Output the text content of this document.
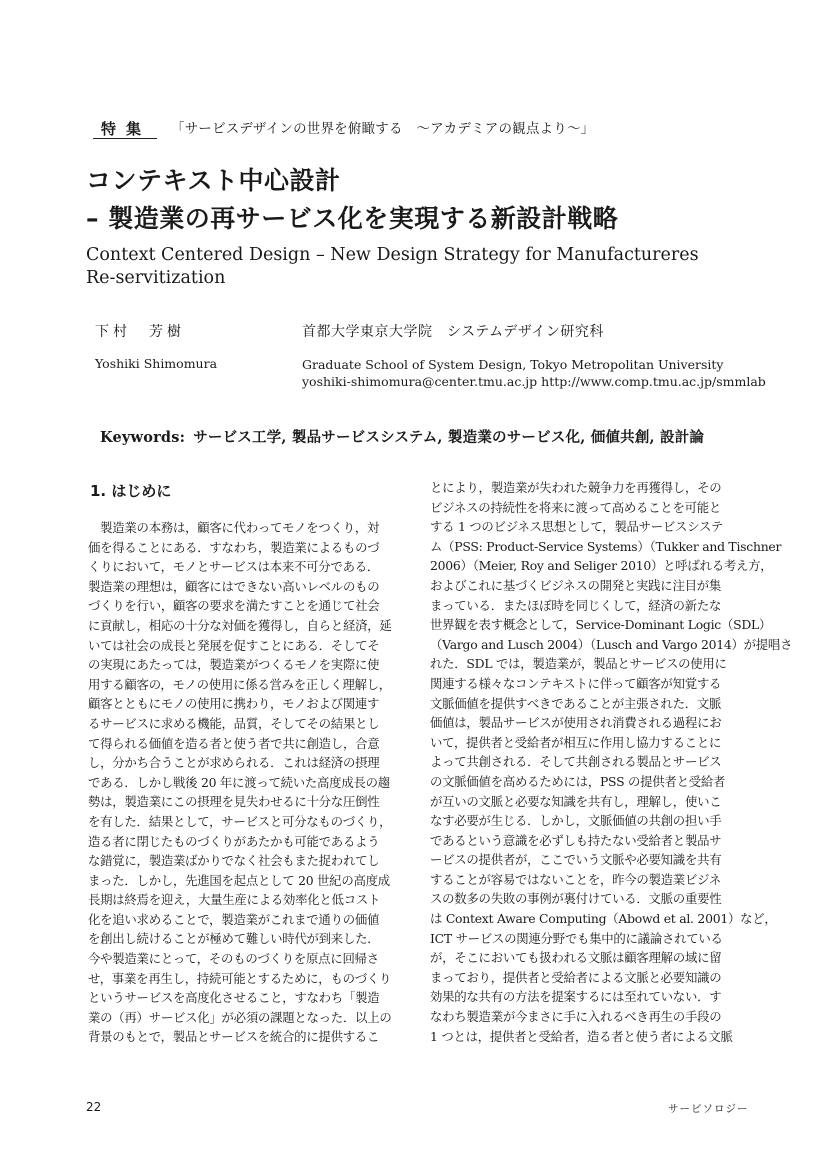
特集	「サービスデザインの世界を俯瞰する　〜アカデミアの観点より〜」
コンテキスト中心設計
– 製造業の再サービス化を実現する新設計戦略
Context Centered Design – New Design Strategy for Manufactureres
Re-servitization
下村　芳樹	首都大学東京大学院　システムデザイン研究科
Yoshiki Shimomura	Graduate School of System Design, Tokyo Metropolitan University
yoshiki-shimomura@center.tmu.ac.jp http://www.comp.tmu.ac.jp/smmlab
Keywords: サービス工学, 製品サービスシステム, 製造業のサービス化, 価値共創, 設計論
1. はじめに
　製造業の本務は，顧客に代わってモノをつくり，対
価を得ることにある．すなわち，製造業によるものづ
くりにおいて，モノとサービスは本来不可分である．
製造業の理想は，顧客にはできない高いレベルのもの
づくりを行い，顧客の要求を満たすことを通じて社会
に貢献し，相応の十分な対価を獲得し，自らと経済，延
いては社会の成長と発展を促すことにある．そしてそ
の実現にあたっては，製造業がつくるモノを実際に使
用する顧客の，モノの使用に係る営みを正しく理解し，
顧客とともにモノの使用に携わり，モノおよび関連す
るサービスに求める機能，品質，そしてその結果とし
て得られる価値を造る者と使う者で共に創造し，合意
し，分かち合うことが求められる．これは経済の摂理
である．しかし戦後 20 年に渡って続いた高度成長の趨
勢は，製造業にこの摂理を見失わせるに十分な圧倒性
を有した．結果として，サービスと可分なものづくり，
造る者に閉じたものづくりがあたかも可能であるよう
な錯覚に，製造業ばかりでなく社会もまた捉われてし
まった．しかし，先進国を起点として 20 世紀の高度成
長期は終焉を迎え，大量生産による効率化と低コスト
化を追い求めることで，製造業がこれまで通りの価値
を創出し続けることが極めて難しい時代が到来した．
今や製造業にとって，そのものづくりを原点に回帰さ
せ，事業を再生し，持続可能とするために，ものづくり
というサービスを高度化させること，すなわち「製造
業の（再）サービス化」が必須の課題となった．以上の
背景のもとで，製品とサービスを統合的に提供するこ
とにより，製造業が失われた競争力を再獲得し，その
ビジネスの持続性を将来に渡って高めることを可能と
する 1 つのビジネス思想として，製品サービスシステ
ム（PSS: Product-Service Systems）（Tukker and Tischner
2006）（Meier, Roy and Seliger 2010）と呼ばれる考え方，
およびこれに基づくビジネスの開発と実践に注目が集
まっている．またほぼ時を同じくして，経済の新たな
世界観を表す概念として，Service-Dominant Logic（SDL）
（Vargo and Lusch 2004）（Lusch and Vargo 2014）が提唱さ
れた．SDL では，製造業が，製品とサービスの使用に
関連する様々なコンテキストに伴って顧客が知覚する
文脈価値を提供すべきであることが主張された．文脈
価値は，製品サービスが使用され消費される過程にお
いて，提供者と受給者が相互に作用し協力することに
よって共創される．そして共創される製品とサービス
の文脈価値を高めるためには，PSS の提供者と受給者
が互いの文脈と必要な知識を共有し，理解し，使いこ
なす必要が生じる．しかし，文脈価値の共創の担い手
であるという意識を必ずしも持たない受給者と製品サ
ービスの提供者が，ここでいう文脈や必要知識を共有
することが容易ではないことを，昨今の製造業ビジネ
スの数多の失敗の事例が裏付けている．文脈の重要性
は Context Aware Computing（Abowd et al. 2001）など，
ICT サービスの関連分野でも集中的に議論されている
が，そこにおいても扱われる文脈は顧客理解の域に留
まっており，提供者と受給者による文脈と必要知識の
効果的な共有の方法を提案するには至れていない．す
なわち製造業が今まさに手に入れるべき再生の手段の
1 つとは，提供者と受給者，造る者と使う者による文脈
22	サービソロジー
